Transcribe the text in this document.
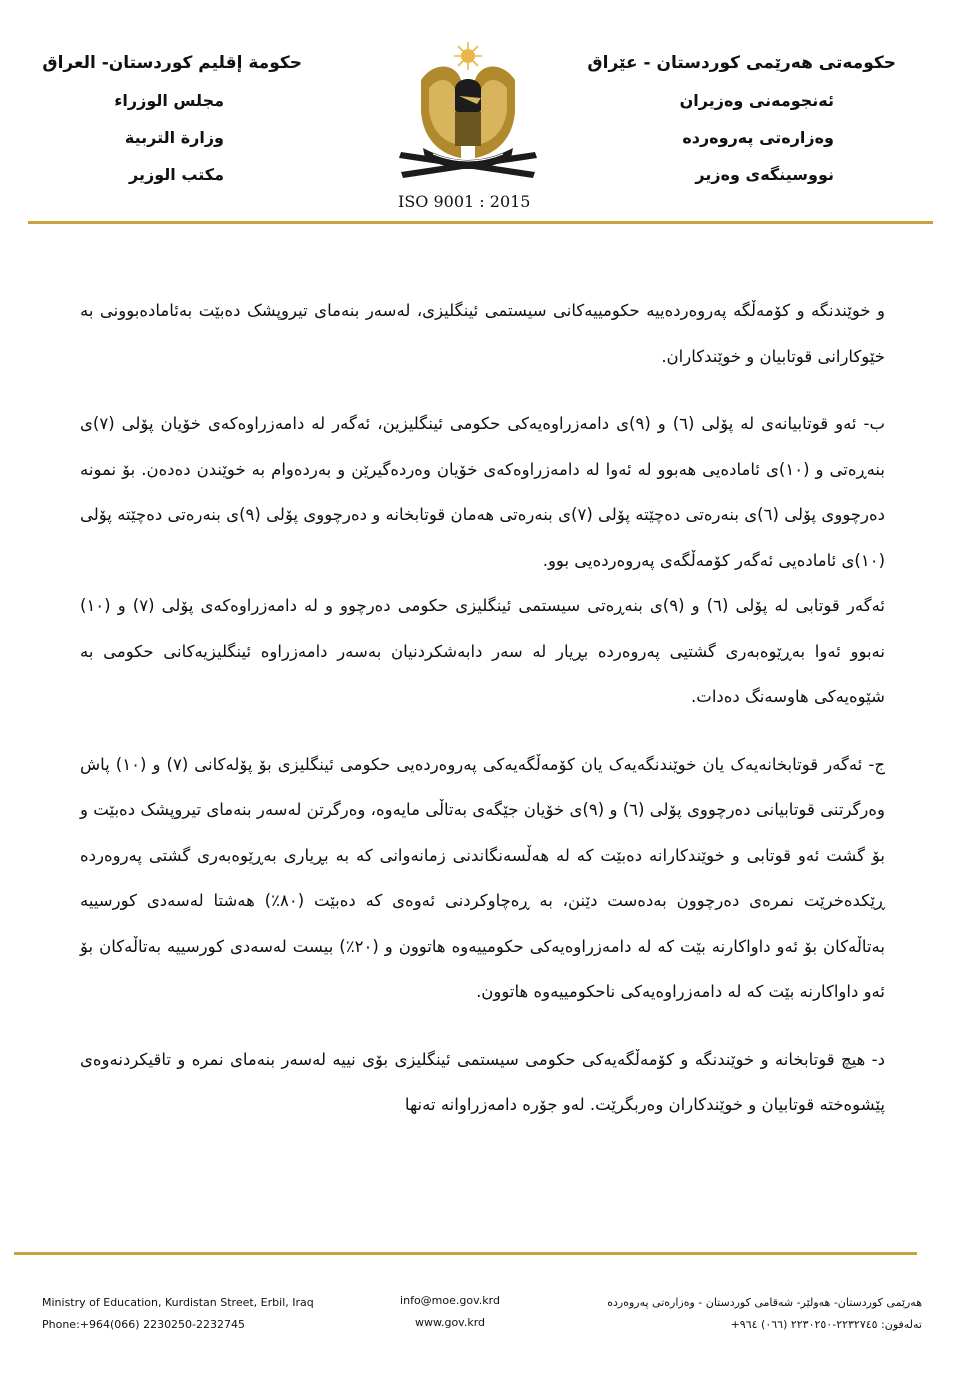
حکومەتی هەرێمی کوردستان - عێراق
ئەنجومەنی وەزیران
وەزارەتی پەروەردە
نووسینگەی وەزیر
ISO 9001 : 2015
حكومة إقليم كوردستان- العراق
مجلس الوزراء
وزارة التربية
مكتب الوزير

و خوێندنگە و کۆمەڵگە پەروەردەییە حکومییەکانی سیستمی ئینگلیزی، لەسەر بنەمای تیروپشک دەبێت بەئامادەبوونی بە خێوکارانی قوتابیان و خوێندکاران.

ب- ئەو قوتابیانەی لە پۆلی (٦) و (٩)ی دامەزراوەیەکی حکومی ئینگلیزین، ئەگەر لە دامەزراوەکەی خۆیان پۆلی (٧)ی بنەڕەتی و (١٠)ی ئامادەیی هەبوو لە ئەوا لە دامەزراوەکەی خۆیان وەردەگیرێن و بەردەوام بە خوێندن دەدەن. بۆ نمونە دەرچووی پۆلی (٦)ی بنەرەتی دەچێتە پۆلی (٧)ی بنەرەتی هەمان قوتابخانە و دەرچووی پۆلی (٩)ی بنەرەتی دەچێتە پۆلی (١٠)ی ئامادەیی ئەگەر کۆمەڵگەی پەروەردەیی بوو.

ئەگەر قوتابی لە پۆلی (٦) و (٩)ی بنەڕەتی سیستمی ئینگلیزی حکومی دەرچوو و لە دامەزراوەکەی پۆلی (٧) و (١٠) نەبوو ئەوا بەڕێوەبەری گشتیی پەروەردە بڕیار لە سەر دابەشکردنیان بەسەر دامەزراوە ئینگلیزیەکانی حکومی بە شێوەیەکی هاوسەنگ دەدات.

ج- ئەگەر قوتابخانەیەک یان خوێندنگەیەک یان کۆمەڵگەیەکی پەروەردەیی حکومی ئینگلیزی بۆ پۆلەکانی (٧) و (١٠) پاش وەرگرتنی قوتابیانی دەرچووی پۆلی (٦) و (٩)ی خۆیان جێگەی بەتاڵی مایەوە، وەرگرتن لەسەر بنەمای تیروپشک دەبێت و بۆ گشت ئەو قوتابی و خوێندکارانە دەبێت کە لە هەڵسەنگاندنی زمانەوانی کە بە بڕیاری بەڕێوەبەری گشتی پەروەردە ڕێکدەخرێت نمرەی دەرچوون بەدەست دێنن، بە ڕەچاوکردنی ئەوەی کە دەبێت (٨٠٪) هەشتا لەسەدی کورسییە بەتاڵەکان بۆ ئەو داواکارنە بێت کە لە دامەزراوەیەکی حکومییەوە هاتوون و (٢٠٪) بیست لەسەدی کورسییە بەتاڵەکان بۆ ئەو داواکارنە بێت کە لە دامەزراوەیەکی ناحکومییەوە هاتوون.

د- هیچ قوتابخانە و خوێندنگە و کۆمەڵگەیەکی حکومی سیستمی ئینگلیزی بۆی نییە لەسەر بنەمای نمرە و تاقیکردنەوەی پێشوەختە قوتابیان و خوێندکاران وەربگرێت. لەو جۆرە دامەزراوانە تەنها

Ministry of Education, Kurdistan Street, Erbil, Iraq
Phone:+964(066) 2230250-2232745
info@moe.gov.krd
www.gov.krd
هەرێمی کوردستان- هەولێر- شەقامی کوردستان - وەزارەتی پەروەردە
تەلەفون: ٢٢٣٢٧٤٥-٢٢٣٠٢٥٠ (٠٦٦) ٩٦٤+
